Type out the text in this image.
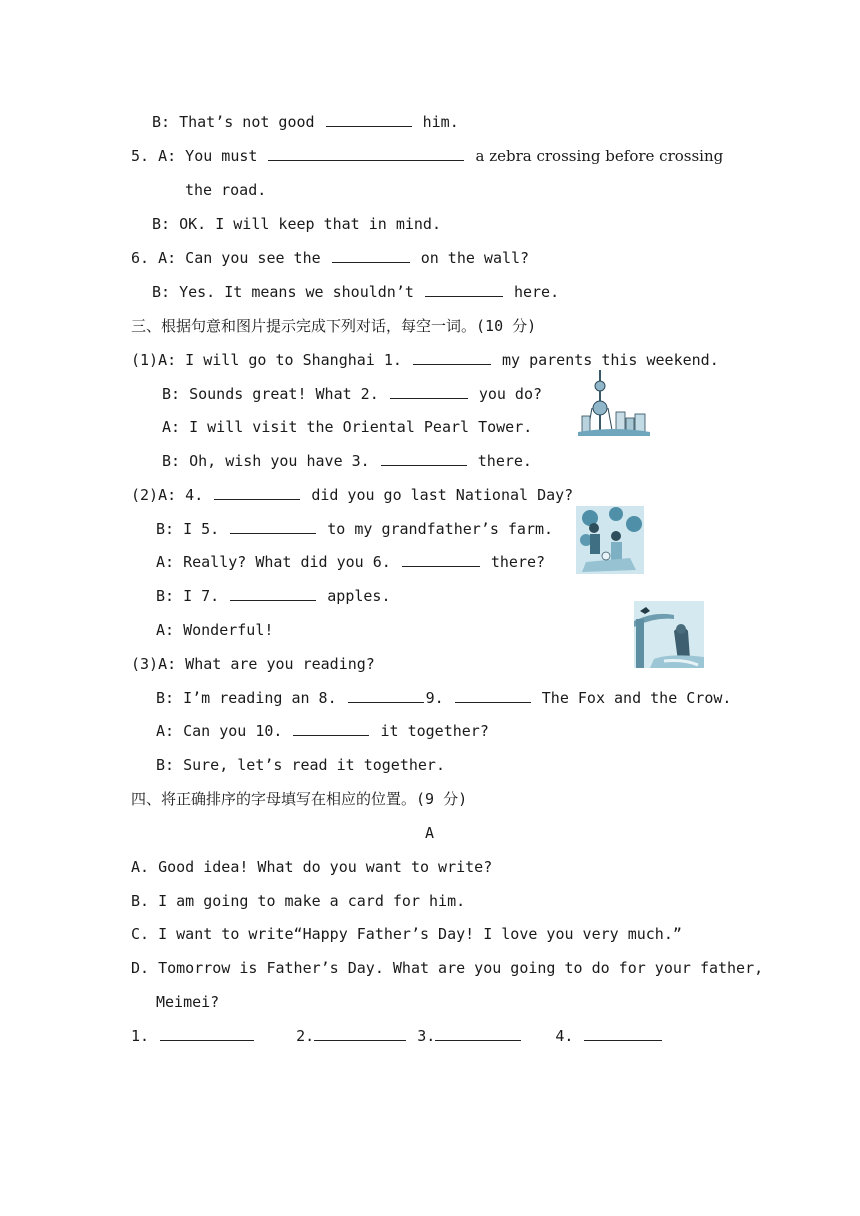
B: That’s not good	him.
5. A: You must	a zebra crossing before crossing
the road.
B: OK. I will keep that in mind.
6. A: Can you see the	on the wall?
B: Yes. It means we shouldn’t	here.
三、根据句意和图片提示完成下列对话，每空一词。(10 分)
(1)A: I will go to Shanghai 1.	my parents this weekend.
B: Sounds great! What 2.	you do?
A: I will visit the Oriental Pearl Tower.
B: Oh, wish you have 3.	there.
(2)A: 4.	did you go last National Day?
B: I 5.	to my grandfather’s farm.
A: Really? What did you 6.	there?
B: I 7.	apples.
A: Wonderful!
(3)A: What are you reading?
B: I’m reading an 8.	9.	The Fox and the Crow.
A: Can you 10.	it together?
B: Sure, let’s read it together.
四、将正确排序的字母填写在相应的位置。(9 分)
A
A. Good idea! What do you want to write?
B. I am going to make a card for him.
C. I want to write“Happy Father’s Day! I love you very much.”
D. Tomorrow is Father’s Day. What are you going to do for your father,
Meimei?
1.	2.	3.	4.
